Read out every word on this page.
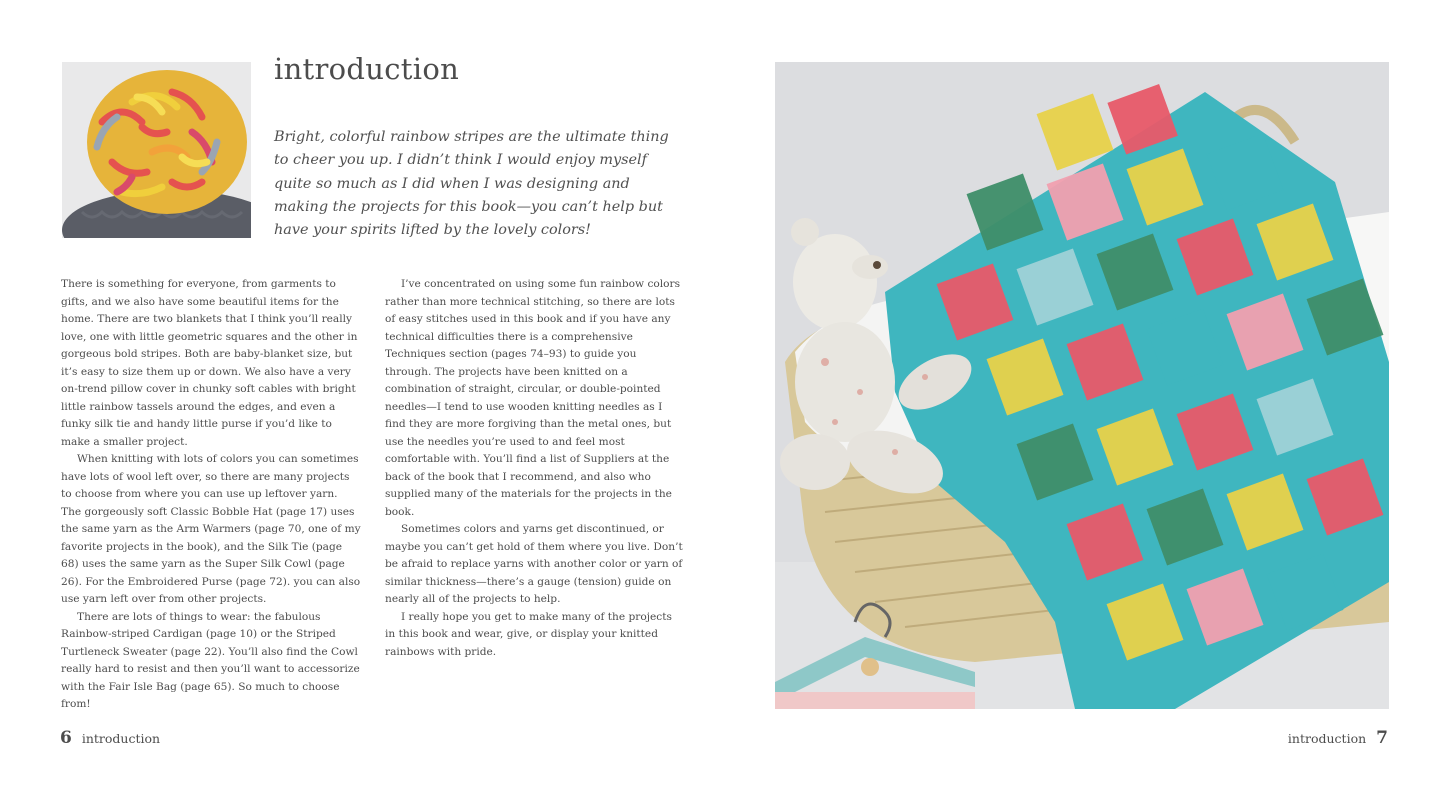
introduction

Bright, colorful rainbow stripes are the ultimate thing to cheer you up. I didn’t think I would enjoy myself quite so much as I did when I was designing and making the projects for this book—you can’t help but have your spirits lifted by the lovely colors!

There is something for everyone, from garments to gifts, and we also have some beautiful items for the home. There are two blankets that I think you’ll really love, one with little geometric squares and the other in gorgeous bold stripes. Both are baby-blanket size, but it’s easy to size them up or down. We also have a very on-trend pillow cover in chunky soft cables with bright little rainbow tassels around the edges, and even a funky silk tie and handy little purse if you’d like to make a smaller project.

When knitting with lots of colors you can sometimes have lots of wool left over, so there are many projects to choose from where you can use up leftover yarn. The gorgeously soft Classic Bobble Hat (page 17) uses the same yarn as the Arm Warmers (page 70, one of my favorite projects in the book), and the Silk Tie (page 68) uses the same yarn as the Super Silk Cowl (page 26). For the Embroidered Purse (page 72). you can also use yarn left over from other projects.

There are lots of things to wear: the fabulous Rainbow-striped Cardigan (page 10) or the Striped Turtleneck Sweater (page 22). You’ll also find the Cowl really hard to resist and then you’ll want to accessorize with the Fair Isle Bag (page 65). So much to choose from!

I’ve concentrated on using some fun rainbow colors rather than more technical stitching, so there are lots of easy stitches used in this book and if you have any technical difficulties there is a comprehensive Techniques section (pages 74–93) to guide you through. The projects have been knitted on a combination of straight, circular, or double-pointed needles—I tend to use wooden knitting needles as I find they are more forgiving than the metal ones, but use the needles you’re used to and feel most comfortable with. You’ll find a list of Suppliers at the back of the book that I recommend, and also who supplied many of the materials for the projects in the book.

Sometimes colors and yarns get discontinued, or maybe you can’t get hold of them where you live. Don’t be afraid to replace yarns with another color or yarn of similar thickness—there’s a gauge (tension) guide on nearly all of the projects to help.

I really hope you get to make many of the projects in this book and wear, give, or display your knitted rainbows with pride.

6 introduction	introduction 7
